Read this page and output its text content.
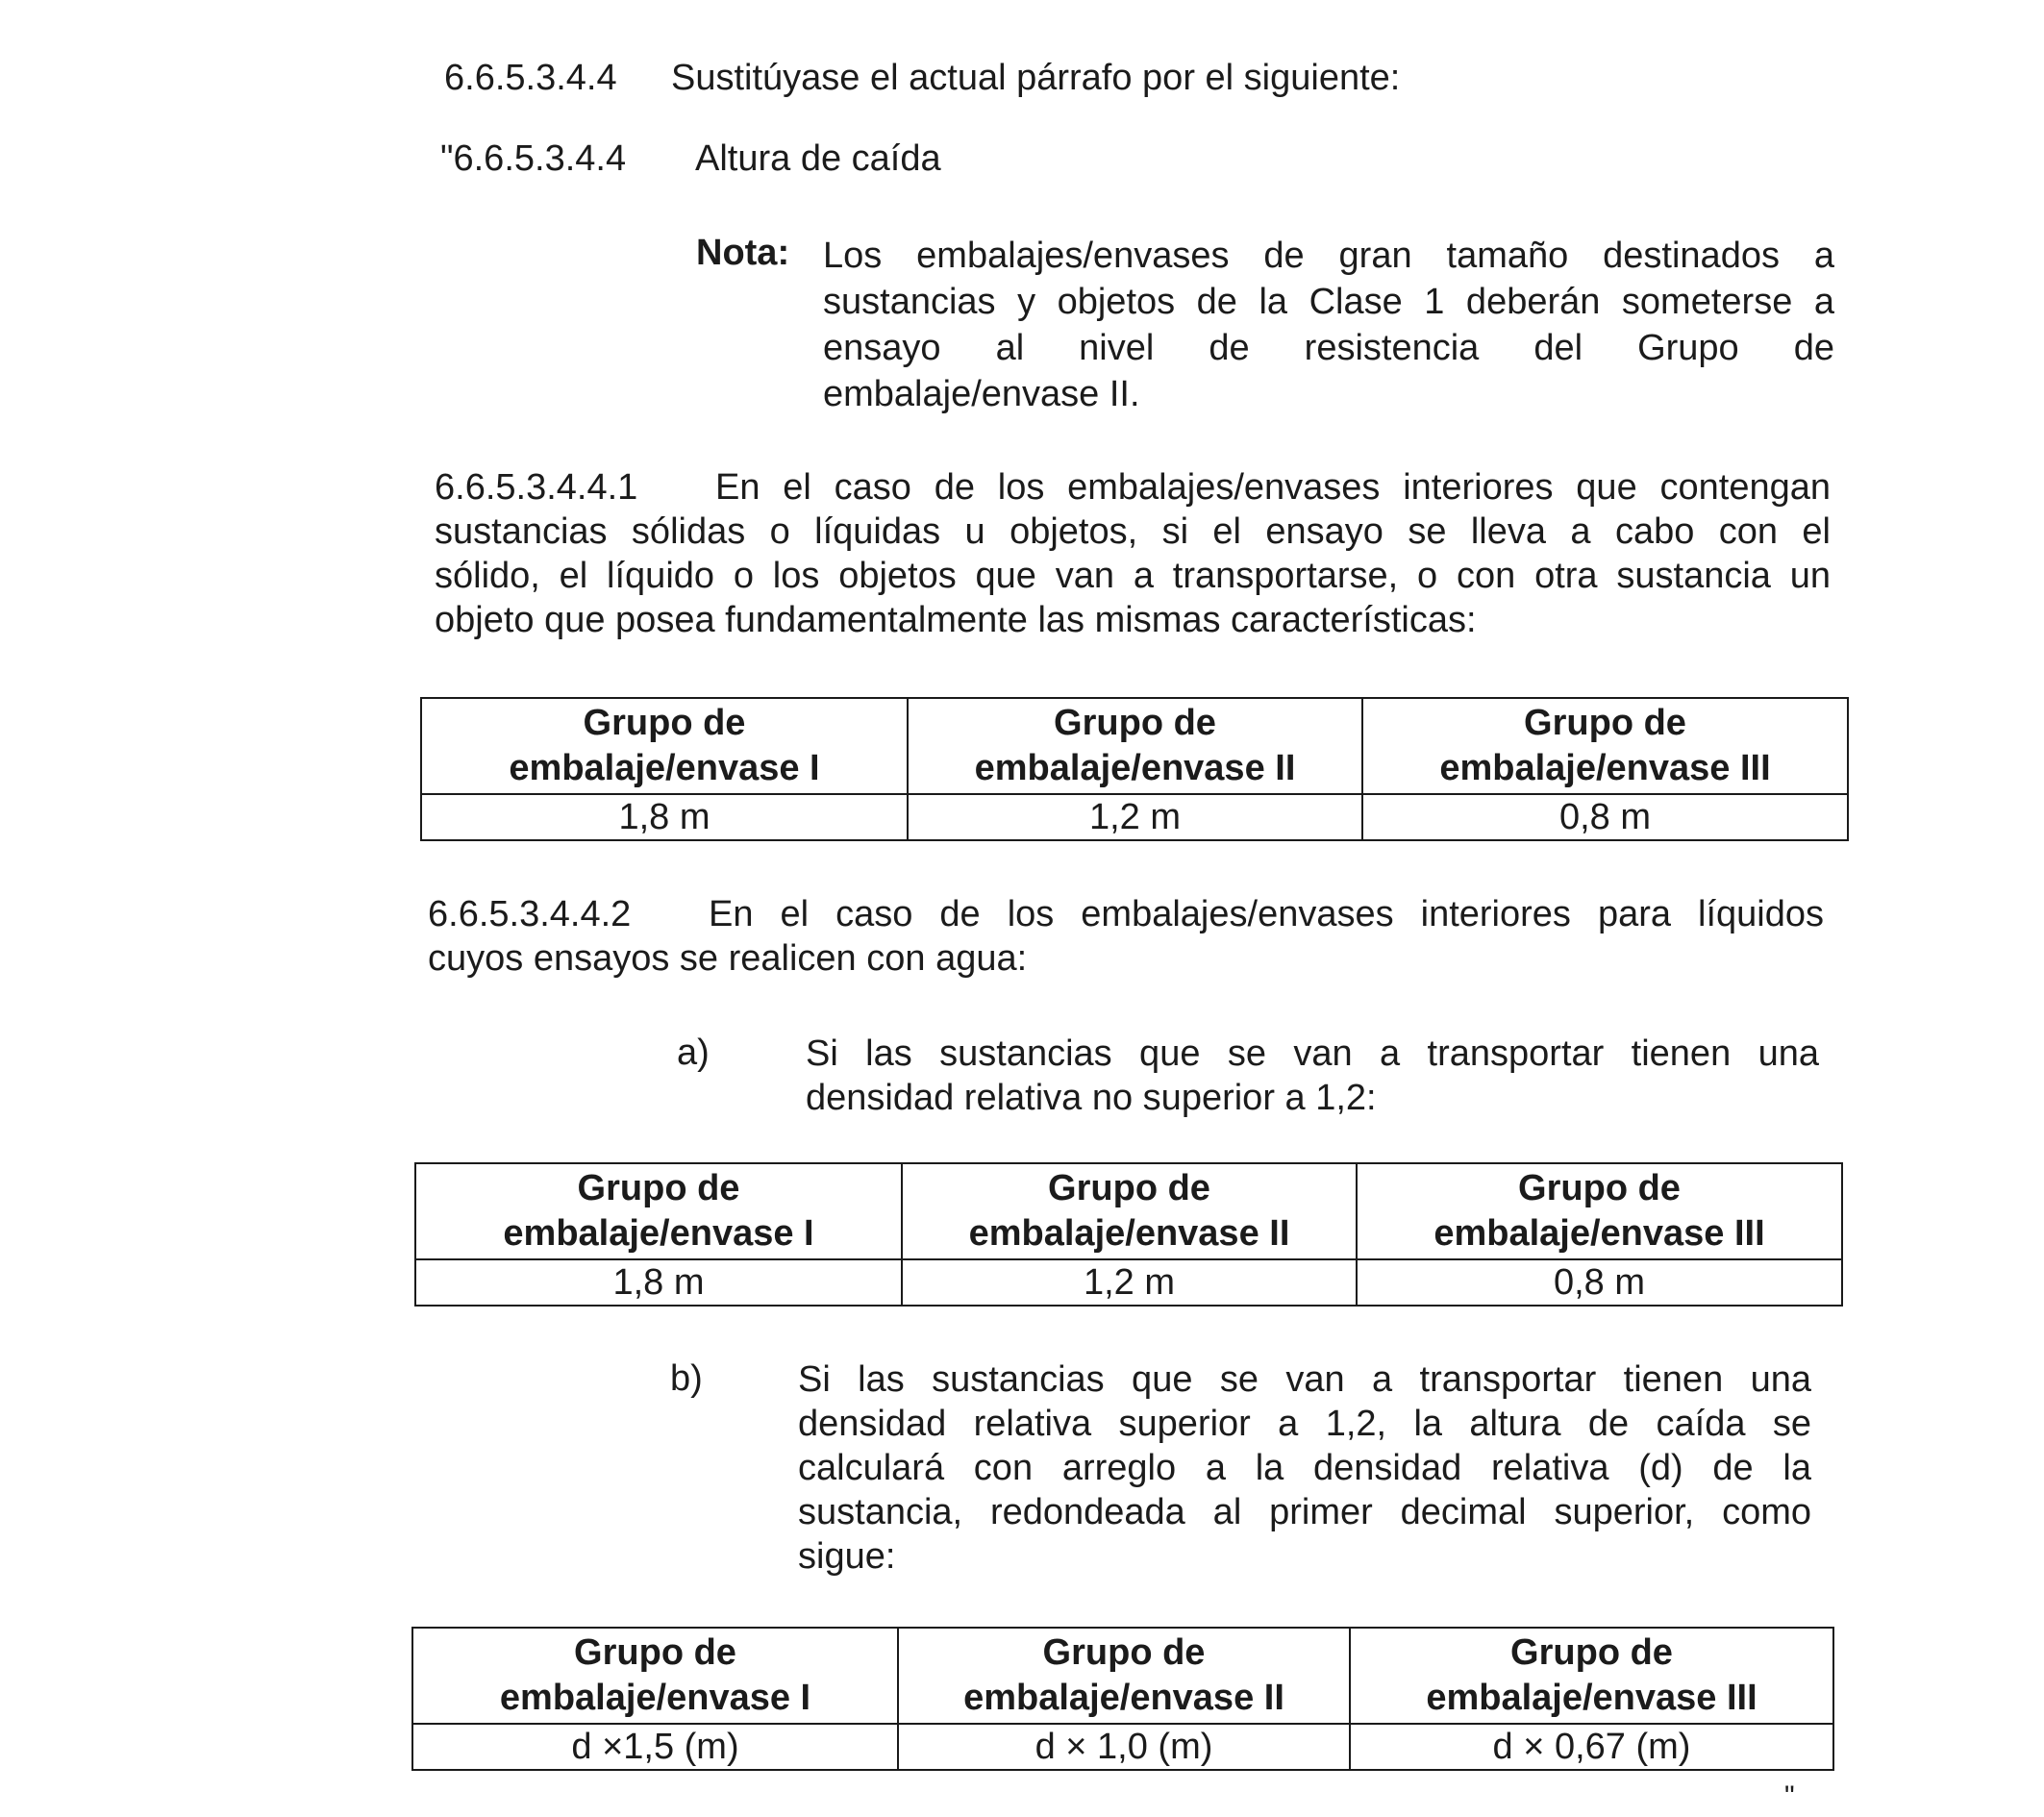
6.6.5.3.4.4 Sustitúyase el actual párrafo por el siguiente:
"6.6.5.3.4.4 Altura de caída
Nota: Los embalajes/envases de gran tamaño destinados a
sustancias y objetos de la Clase 1 deberán someterse a
ensayo al nivel de resistencia del Grupo de
embalaje/envase II.
6.6.5.3.4.4.1 En el caso de los embalajes/envases interiores que contengan
sustancias sólidas o líquidas u objetos, si el ensayo se lleva a cabo con el
sólido, el líquido o los objetos que van a transportarse, o con otra sustancia un
objeto que posea fundamentalmente las mismas características:
Grupo de
embalaje/envase I	Grupo de
embalaje/envase II	Grupo de
embalaje/envase III
1,8 m	1,2 m	0,8 m
6.6.5.3.4.4.2 En el caso de los embalajes/envases interiores para líquidos
cuyos ensayos se realicen con agua:
a)	Si las sustancias que se van a transportar tienen una
densidad relativa no superior a 1,2:
Grupo de
embalaje/envase I	Grupo de
embalaje/envase II	Grupo de
embalaje/envase III
1,8 m	1,2 m	0,8 m
b)	Si las sustancias que se van a transportar tienen una
densidad relativa superior a 1,2, la altura de caída se
calculará con arreglo a la densidad relativa (d) de la
sustancia, redondeada al primer decimal superior, como
sigue:
Grupo de
embalaje/envase I	Grupo de
embalaje/envase II	Grupo de
embalaje/envase III
d ×1,5 (m)	d × 1,0 (m)	d × 0,67 (m)
"
